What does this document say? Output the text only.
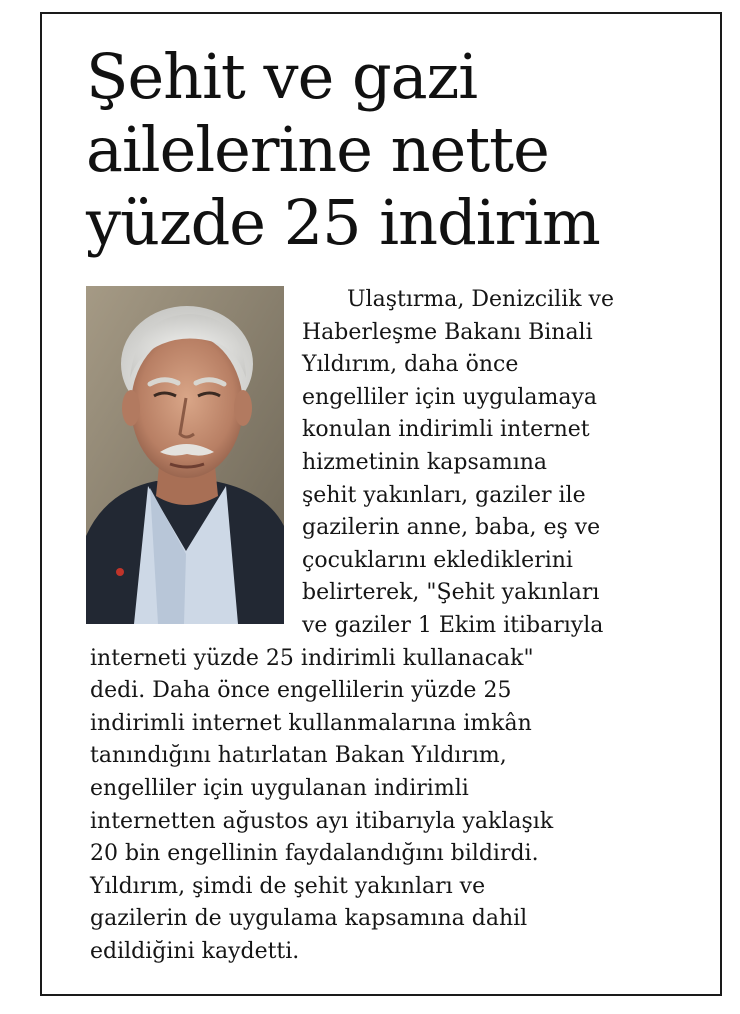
Şehit ve gazi
ailelerine nette
yüzde 25 indirim
Ulaştırma, Denizcilik ve
Haberleşme Bakanı Binali
Yıldırım, daha önce
engelliler için uygulamaya
konulan indirimli internet
hizmetinin kapsamına
şehit yakınları, gaziler ile
gazilerin anne, baba, eş ve
çocuklarını eklediklerini
belirterek, "Şehit yakınları
ve gaziler 1 Ekim itibarıyla
interneti yüzde 25 indirimli kullanacak"
dedi. Daha önce engellilerin yüzde 25
indirimli internet kullanmalarına imkân
tanındığını hatırlatan Bakan Yıldırım,
engelliler için uygulanan indirimli
internetten ağustos ayı itibarıyla yaklaşık
20 bin engellinin faydalandığını bildirdi.
Yıldırım, şimdi de şehit yakınları ve
gazilerin de uygulama kapsamına dahil
edildiğini kaydetti.
